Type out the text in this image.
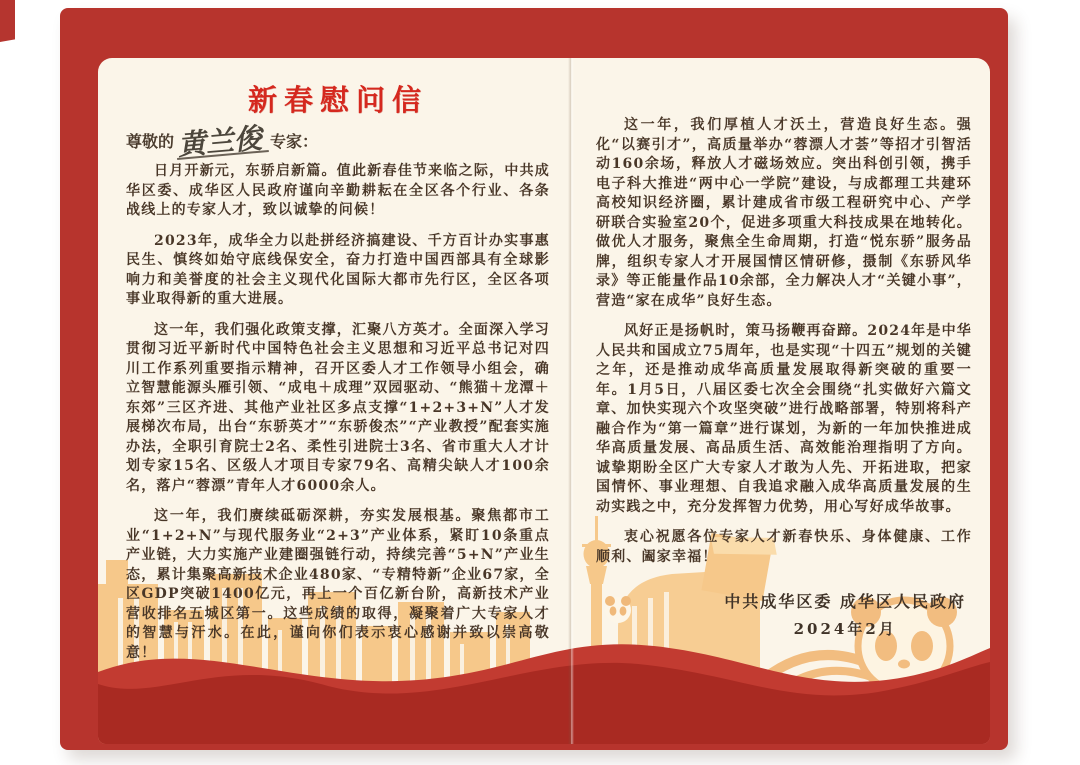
新春慰问信

尊敬的黄兰俊 专家：

日月开新元，东骄启新篇。值此新春佳节来临之际，中共成华区委、成华区人民政府谨向辛勤耕耘在全区各个行业、各条战线上的专家人才，致以诚挚的问候！

2023年，成华全力以赴拼经济搞建设、千方百计办实事惠民生、慎终如始守底线保安全，奋力打造中国西部具有全球影响力和美誉度的社会主义现代化国际大都市先行区，全区各项事业取得新的重大进展。

这一年，我们强化政策支撑，汇聚八方英才。全面深入学习贯彻习近平新时代中国特色社会主义思想和习近平总书记对四川工作系列重要指示精神，召开区委人才工作领导小组会，确立智慧能源头雁引领、“成电＋成理”双园驱动、“熊猫＋龙潭＋东郊”三区齐进、其他产业社区多点支撑“1+2+3+N”人才发展梯次布局，出台“东骄英才”“东骄俊杰”“产业教授”配套实施办法，全职引育院士2名、柔性引进院士3名、省市重大人才计划专家15名、区级人才项目专家79名、高精尖缺人才100余名，落户“蓉漂”青年人才6000余人。

这一年，我们赓续砥砺深耕，夯实发展根基。聚焦都市工业“1+2+N”与现代服务业“2+3”产业体系，紧盯10条重点产业链，大力实施产业建圈强链行动，持续完善“5+N”产业生态，累计集聚高新技术企业480家、“专精特新”企业67家，全区GDP突破1400亿元，再上一个百亿新台阶，高新技术产业营收排名五城区第一。这些成绩的取得，凝聚着广大专家人才的智慧与汗水。在此，谨向你们表示衷心感谢并致以崇高敬意！

这一年，我们厚植人才沃土，营造良好生态。强化“以赛引才”，高质量举办“蓉漂人才荟”等招才引智活动160余场，释放人才磁场效应。突出科创引领，携手电子科大推进“两中心一学院”建设，与成都理工共建环高校知识经济圈，累计建成省市级工程研究中心、产学研联合实验室20个，促进多项重大科技成果在地转化。做优人才服务，聚焦全生命周期，打造“悦东骄”服务品牌，组织专家人才开展国情区情研修，摄制《东骄风华录》等正能量作品10余部，全力解决人才“关键小事”，营造“家在成华”良好生态。

风好正是扬帆时，策马扬鞭再奋蹄。2024年是中华人民共和国成立75周年，也是实现“十四五”规划的关键之年，还是推动成华高质量发展取得新突破的重要一年。1月5日，八届区委七次全会围绕“扎实做好六篇文章、加快实现六个攻坚突破”进行战略部署，特别将科产融合作为“第一篇章”进行谋划，为新的一年加快推进成华高质量发展、高品质生活、高效能治理指明了方向。诚挚期盼全区广大专家人才敢为人先、开拓进取，把家国情怀、事业理想、自我追求融入成华高质量发展的生动实践之中，充分发挥智力优势，用心写好成华故事。

衷心祝愿各位专家人才新春快乐、身体健康、工作顺利、阖家幸福！

中共成华区委 成华区人民政府
2024年2月
